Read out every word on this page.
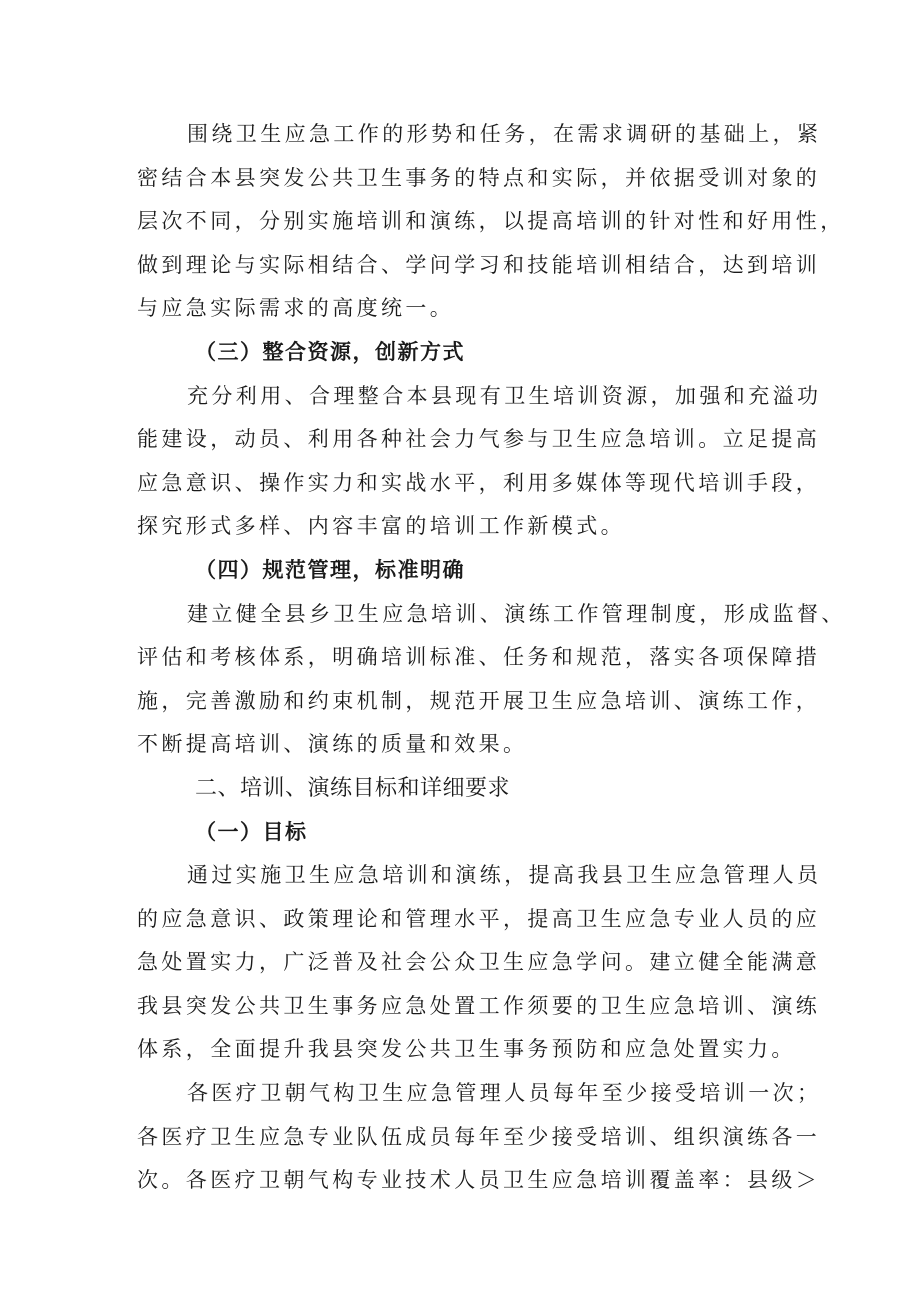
围绕卫生应急工作的形势和任务，在需求调研的基础上，紧
密结合本县突发公共卫生事务的特点和实际，并依据受训对象的
层次不同，分别实施培训和演练，以提高培训的针对性和好用性，
做到理论与实际相结合、学问学习和技能培训相结合，达到培训
与应急实际需求的高度统一。
（三）整合资源，创新方式
充分利用、合理整合本县现有卫生培训资源，加强和充溢功
能建设，动员、利用各种社会力气参与卫生应急培训。立足提高
应急意识、操作实力和实战水平，利用多媒体等现代培训手段，
探究形式多样、内容丰富的培训工作新模式。
（四）规范管理，标准明确
建立健全县乡卫生应急培训、演练工作管理制度，形成监督、
评估和考核体系，明确培训标准、任务和规范，落实各项保障措
施，完善激励和约束机制，规范开展卫生应急培训、演练工作，
不断提高培训、演练的质量和效果。
二、培训、演练目标和详细要求
（一）目标
通过实施卫生应急培训和演练，提高我县卫生应急管理人员
的应急意识、政策理论和管理水平，提高卫生应急专业人员的应
急处置实力，广泛普及社会公众卫生应急学问。建立健全能满意
我县突发公共卫生事务应急处置工作须要的卫生应急培训、演练
体系，全面提升我县突发公共卫生事务预防和应急处置实力。
各医疗卫朝气构卫生应急管理人员每年至少接受培训一次；
各医疗卫生应急专业队伍成员每年至少接受培训、组织演练各一
次。各医疗卫朝气构专业技术人员卫生应急培训覆盖率：县级＞
